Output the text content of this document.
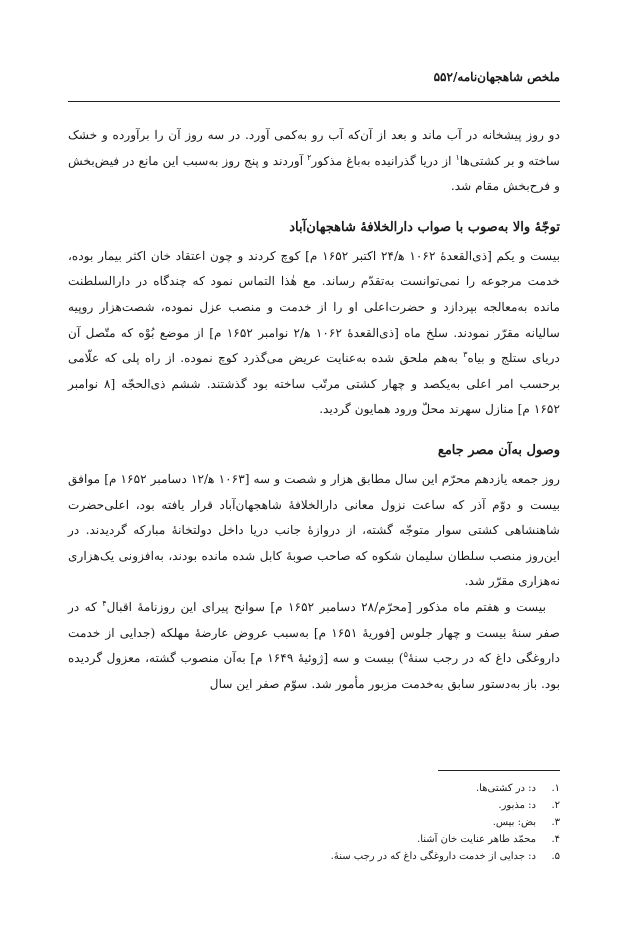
ملخص شاهجهان‌نامه/۵۵۲

دو روز پیشخانه در آب ماند و بعد از آن‌که آب رو به‌کمی آورد. در سه روز آن را برآورده و خشک ساخته و بر کشتی‌ها$^۱$ از دریا گذرانیده به‌باغ مذکور$^۲$ آوردند و پنج روز به‌سبب این مانع در فیض‌بخش و فرح‌بخش مقام شد.

توجّهٔ والا به‌صوب با صواب دارالخلافهٔ شاهجهان‌آباد

بیست و یکم [ذی‌القعدهٔ ۱۰۶۲ ه‍/۲۴ اکتبر ۱۶۵۲ م] کوچ کردند و چون اعتقاد خان اکثر بیمار بوده، خدمت مرجوعه را نمی‌توانست به‌تقدّم رساند. مع هٰذا التماس نمود که چندگاه در دارالسلطنت مانده به‌معالجه بپردازد و حضرت‌اعلی او را از خدمت و منصب عزل نموده، شصت‌هزار روپیه سالیانه مقرّر نمودند. سلخ ماه [ذی‌القعدهٔ ۱۰۶۲ ه‍/۲ نوامبر ۱۶۵۲ م] از موضع بُوْه که متّصل آن دریای ستلج و بیاه$^۳$ به‌هم ملحق شده به‌عنایت عریض می‌گذرد کوچ نموده. از راه پلی که علّامی برحسب امر اعلی به‌یکصد و چهار کشتی مرتّب ساخته بود گذشتند. ششم ذی‌الحجّه [۸ نوامبر ۱۶۵۲ م] منازل سهرند محلّ ورود همایون گردید.

وصول به‌آن مصر جامع

روز جمعه یازدهم محرّم این سال مطابق هزار و شصت و سه [۱۰۶۳ ه‍/۱۲ دسامبر ۱۶۵۲ م] موافق بیست و دوّم آذر که ساعت نزول معانی دارالخلافهٔ شاهجهان‌آباد قرار یافته بود، اعلی‌حضرت شاهنشاهی کشتی سوار متوجّه گشته، از دروازهٔ جانب دریا داخل دولتخانهٔ مبارکه گردیدند. در این‌روز منصب سلطان سلیمان شکوه که صاحب صوبهٔ کابل شده مانده بودند، به‌افزونی یک‌هزاری نه‌هزاری مقرّر شد.

بیست و هفتم ماه مذکور [محرّم/۲۸ دسامبر ۱۶۵۲ م] سوانح پیرای این روزنامهٔ اقبال$^۴$ که در صفر سنهٔ بیست و چهار جلوس [فوریهٔ ۱۶۵۱ م] به‌سبب عروض عارضهٔ مهلکه (جدایی از خدمت داروغگی داغ که در رجب سنهٔ$^۵$) بیست و سه [ژوئیهٔ ۱۶۴۹ م] به‌آن منصوب گشته، معزول گردیده بود. باز به‌دستور سابق به‌خدمت مزبور مأمور شد. سوّم صفر این سال

۱.
د: در کشتی‌ها.
۲.
د: مذبور.
۳.
بض: بیس.
۴.
محمّد طاهر عنایت خان آشنا.
۵.
د: جدایی از خدمت داروغگی داغ که در رجب سنهٔ.
